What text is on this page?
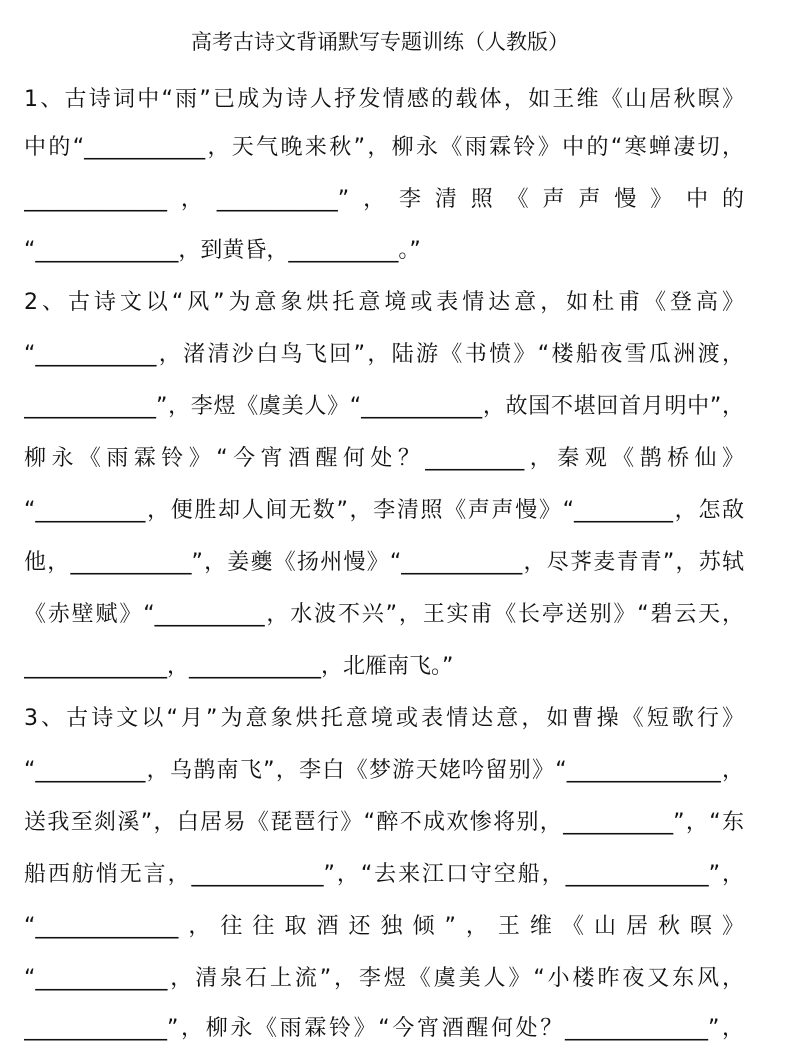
高考古诗文背诵默写专题训练（人教版）
1、古诗词中“雨”已成为诗人抒发情感的载体，如王维《山居秋暝》
中的“___________，天气晚来秋”，柳永《雨霖铃》中的“寒蝉凄切，
_____________，___________”，李清照《声声慢》中的
“_____________，到黄昏，__________。”
2、古诗文以“风”为意象烘托意境或表情达意，如杜甫《登高》
“___________，渚清沙白鸟飞回”，陆游《书愤》“楼船夜雪瓜洲渡，
____________”，李煜《虞美人》“___________，故国不堪回首月明中”，
柳永《雨霖铃》“今宵酒醒何处？_________，秦观《鹊桥仙》
“__________，便胜却人间无数”，李清照《声声慢》“_________，怎敌
他，___________”，姜夔《扬州慢》“___________，尽荠麦青青”，苏轼
《赤壁赋》“__________，水波不兴”，王实甫《长亭送别》“碧云天，
_____________，____________，北雁南飞。”
3、古诗文以“月”为意象烘托意境或表情达意，如曹操《短歌行》
“__________，乌鹊南飞”，李白《梦游天姥吟留别》“______________，
送我至剡溪”，白居易《琵琶行》“醉不成欢惨将别，__________”，“东
船西舫悄无言，____________”，“去来江口守空船，_____________”，
“_____________，往往取酒还独倾”，王维《山居秋暝》
“____________，清泉石上流”，李煜《虞美人》“小楼昨夜又东风，
_____________”，柳永《雨霖铃》“今宵酒醒何处？_____________”，
